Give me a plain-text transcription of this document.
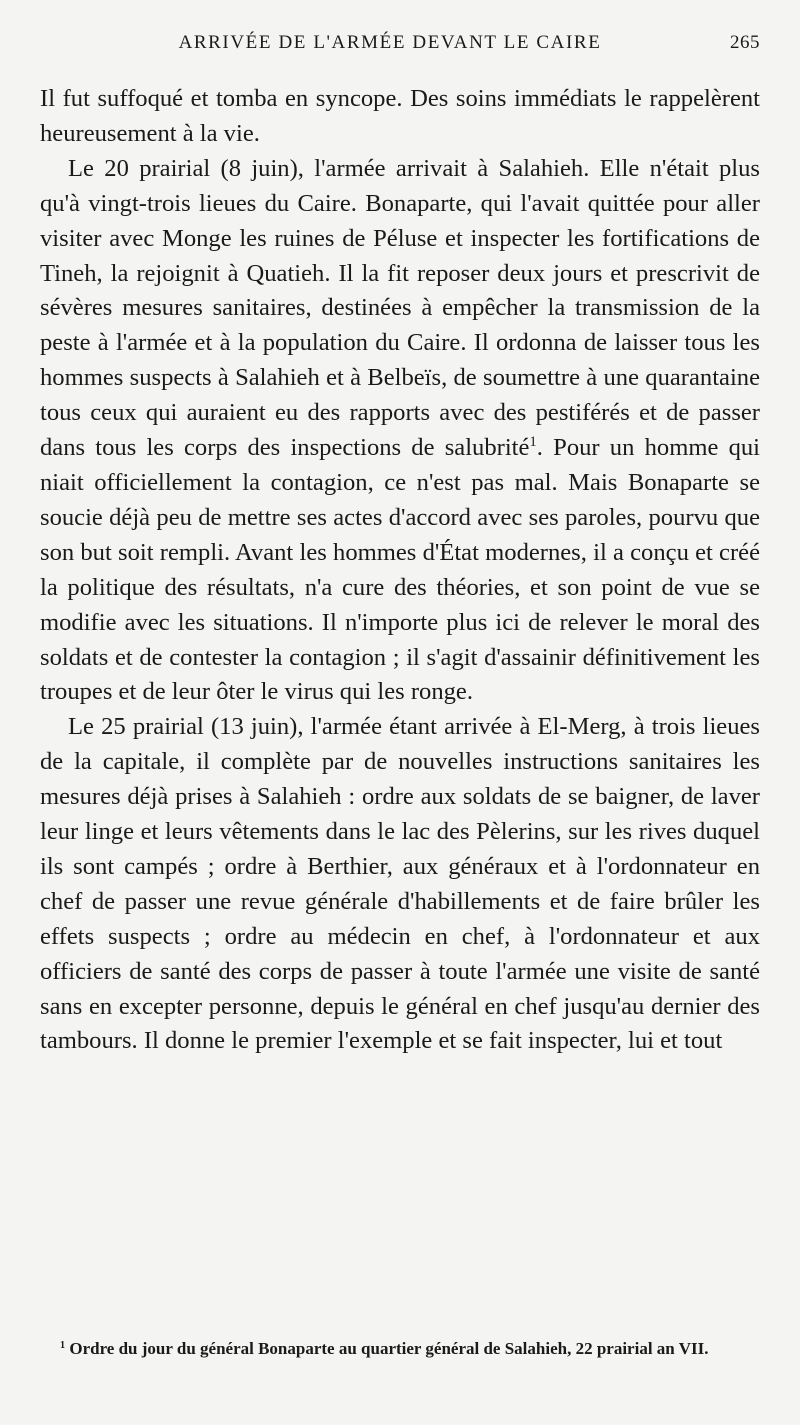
ARRIVÉE DE L'ARMÉE DEVANT LE CAIRE	265

Il fut suffoqué et tomba en syncope. Des soins immédiats le rappelèrent heureusement à la vie.

Le 20 prairial (8 juin), l'armée arrivait à Salahieh. Elle n'était plus qu'à vingt-trois lieues du Caire. Bonaparte, qui l'avait quittée pour aller visiter avec Monge les ruines de Péluse et inspecter les fortifications de Tineh, la rejoignit à Quatieh. Il la fit reposer deux jours et prescrivit de sévères mesures sanitaires, destinées à empêcher la transmission de la peste à l'armée et à la population du Caire. Il ordonna de laisser tous les hommes suspects à Salahieh et à Belbeïs, de soumettre à une quarantaine tous ceux qui auraient eu des rapports avec des pestiférés et de passer dans tous les corps des inspections de salubrité$^1$. Pour un homme qui niait officiellement la contagion, ce n'est pas mal. Mais Bonaparte se soucie déjà peu de mettre ses actes d'accord avec ses paroles, pourvu que son but soit rempli. Avant les hommes d'État modernes, il a conçu et créé la politique des résultats, n'a cure des théories, et son point de vue se modifie avec les situations. Il n'importe plus ici de relever le moral des soldats et de contester la contagion ; il s'agit d'assainir définitivement les troupes et de leur ôter le virus qui les ronge.

Le 25 prairial (13 juin), l'armée étant arrivée à El-Merg, à trois lieues de la capitale, il complète par de nouvelles instructions sanitaires les mesures déjà prises à Salahieh : ordre aux soldats de se baigner, de laver leur linge et leurs vêtements dans le lac des Pèlerins, sur les rives duquel ils sont campés ; ordre à Berthier, aux généraux et à l'ordonnateur en chef de passer une revue générale d'habillements et de faire brûler les effets suspects ; ordre au médecin en chef, à l'ordonnateur et aux officiers de santé des corps de passer à toute l'armée une visite de santé sans en excepter personne, depuis le général en chef jusqu'au dernier des tambours. Il donne le premier l'exemple et se fait inspecter, lui et tout

$^1$ Ordre du jour du général Bonaparte au quartier général de Salahieh, 22 prairial an VII.
